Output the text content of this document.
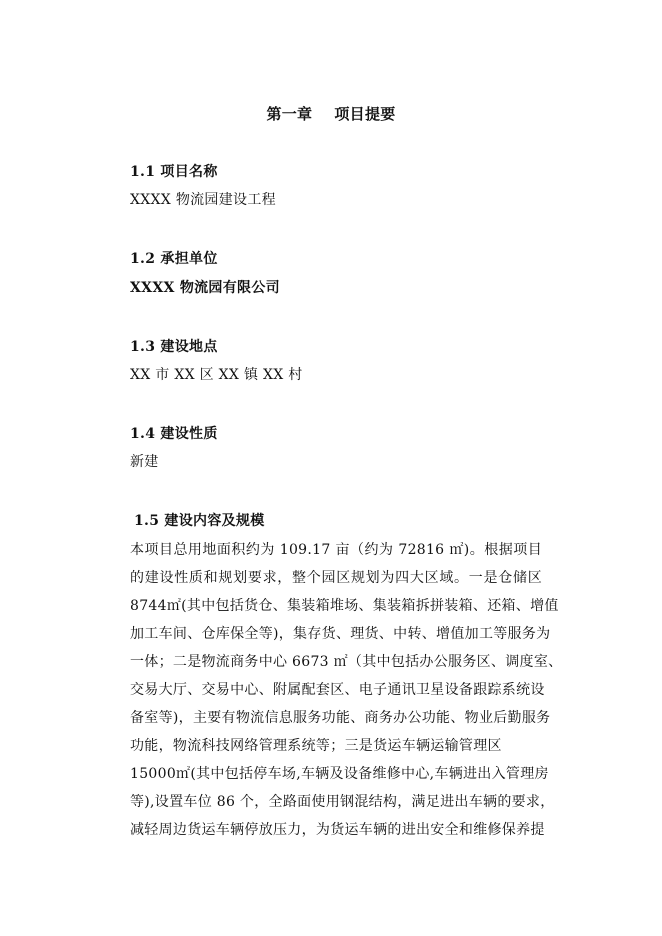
第一章 项目提要
1.1 项目名称
XXXX 物流园建设工程
1.2 承担单位
XXXX 物流园有限公司
1.3 建设地点
XX 市 XX 区 XX 镇 XX 村
1.4 建设性质
新建
1.5 建设内容及规模
本项目总用地面积约为 109.17 亩（约为 72816 ㎡)。根据项目
的建设性质和规划要求，整个园区规划为四大区域。一是仓储区
8744㎡(其中包括货仓、集装箱堆场、集装箱拆拼装箱、还箱、增值
加工车间、仓库保全等)，集存货、理货、中转、增值加工等服务为
一体；二是物流商务中心 6673 ㎡（其中包括办公服务区、调度室、
交易大厅、交易中心、附属配套区、电子通讯卫星设备跟踪系统设
备室等)，主要有物流信息服务功能、商务办公功能、物业后勤服务
功能，物流科技网络管理系统等；三是货运车辆运输管理区
15000㎡(其中包括停车场,车辆及设备维修中心,车辆进出入管理房
等),设置车位 86 个，全路面使用钢混结构，满足进出车辆的要求，
减轻周边货运车辆停放压力，为货运车辆的进出安全和维修保养提
